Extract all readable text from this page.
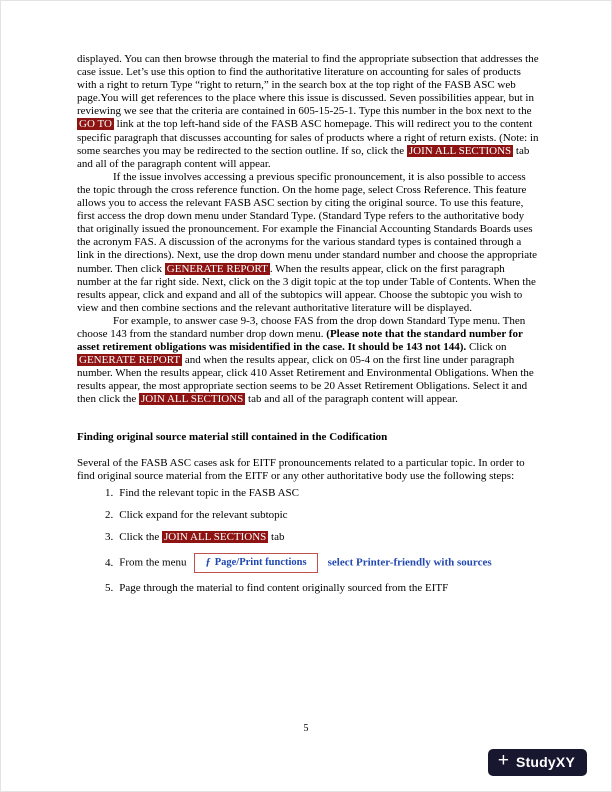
displayed. You can then browse through the material to find the appropriate subsection that addresses the case issue. Let’s use this option to find the authoritative literature on accounting for sales of products with a right to return Type “right to return,” in the search box at the top right of the FASB ASC web page.You will get references to the place where this issue is discussed. Seven possibilities appear, but in reviewing we see that the criteria are contained in 605-15-25-1. Type this number in the box next to the GO TO link at the top left-hand side of the FASB ASC homepage. This will redirect you to the content specific paragraph that discusses accounting for sales of products where a right of return exists. (Note: in some searches you may be redirected to the section outline. If so, click the JOIN ALL SECTIONS tab and all of the paragraph content will appear.

If the issue involves accessing a previous specific pronouncement, it is also possible to access the topic through the cross reference function. On the home page, select Cross Reference. This feature allows you to access the relevant FASB ASC section by citing the original source. To use this feature, first access the drop down menu under Standard Type. (Standard Type refers to the authoritative body that originally issued the pronouncement. For example the Financial Accounting Standards Boards uses the acronym FAS. A discussion of the acronyms for the various standard types is contained through a link in the directions). Next, use the drop down menu under standard number and choose the appropriate number. Then click GENERATE REPORT . When the results appear, click on the first paragraph number at the far right side. Next, click on the 3 digit topic at the top under Table of Contents. When the results appear, click and expand and all of the subtopics will appear. Choose the subtopic you wish to view and then combine sections and the relevant authoritative literature will be displayed.

For example, to answer case 9-3, choose FAS from the drop down Standard Type menu. Then choose 143 from the standard number drop down menu. (Please note that the standard number for asset retirement obligations was misidentified in the case. It should be 143 not 144). Click on GENERATE REPORT and when the results appear, click on 05-4 on the first line under paragraph number. When the results appear, click 410 Asset Retirement and Environmental Obligations. When the results appear, the most appropriate section seems to be 20 Asset Retirement Obligations. Select it and then click the JOIN ALL SECTIONS tab and all of the paragraph content will appear.

Finding original source material still contained in the Codification

Several of the FASB ASC cases ask for EITF pronouncements related to a particular topic. In order to find original source material from the EITF or any other authoritative body use the following steps:

1. Find the relevant topic in the FASB ASC
2. Click expand for the relevant subtopic
3. Click the JOIN ALL SECTIONS tab
4. From the menu ƒ Page/Print functions select Printer-friendly with sources
5. Page through the material to find content originally sourced from the EITF
5
+ StudyXY
